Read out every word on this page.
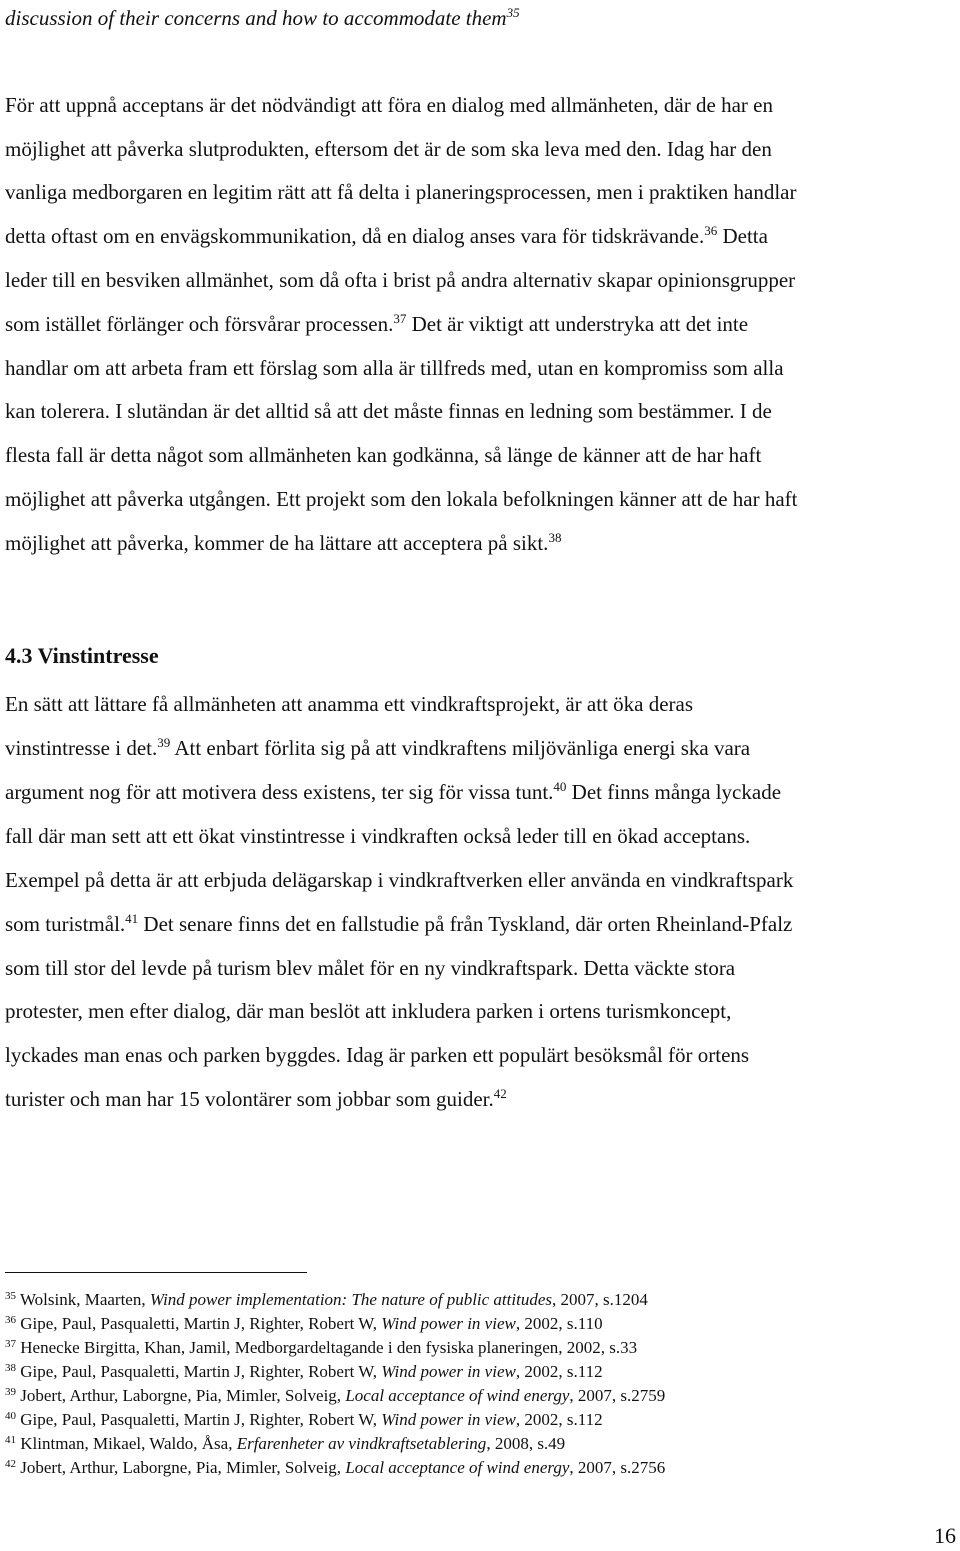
discussion of their concerns and how to accommodate them$^{35}$
För att uppnå acceptans är det nödvändigt att föra en dialog med allmänheten, där de har en
möjlighet att påverka slutprodukten, eftersom det är de som ska leva med den. Idag har den
vanliga medborgaren en legitim rätt att få delta i planeringsprocessen, men i praktiken handlar
detta oftast om en envägskommunikation, då en dialog anses vara för tidskrävande.$^{36}$ Detta
leder till en besviken allmänhet, som då ofta i brist på andra alternativ skapar opinionsgrupper
som istället förlänger och försvårar processen.$^{37}$ Det är viktigt att understryka att det inte
handlar om att arbeta fram ett förslag som alla är tillfreds med, utan en kompromiss som alla
kan tolerera. I slutändan är det alltid så att det måste finnas en ledning som bestämmer. I de
flesta fall är detta något som allmänheten kan godkänna, så länge de känner att de har haft
möjlighet att påverka utgången. Ett projekt som den lokala befolkningen känner att de har haft
möjlighet att påverka, kommer de ha lättare att acceptera på sikt.$^{38}$
4.3 Vinstintresse
En sätt att lättare få allmänheten att anamma ett vindkraftsprojekt, är att öka deras
vinstintresse i det.$^{39}$ Att enbart förlita sig på att vindkraftens miljövänliga energi ska vara
argument nog för att motivera dess existens, ter sig för vissa tunt.$^{40}$ Det finns många lyckade
fall där man sett att ett ökat vinstintresse i vindkraften också leder till en ökad acceptans.
Exempel på detta är att erbjuda delägarskap i vindkraftverken eller använda en vindkraftspark
som turistmål.$^{41}$ Det senare finns det en fallstudie på från Tyskland, där orten Rheinland-Pfalz
som till stor del levde på turism blev målet för en ny vindkraftspark. Detta väckte stora
protester, men efter dialog, där man beslöt att inkludera parken i ortens turismkoncept,
lyckades man enas och parken byggdes. Idag är parken ett populärt besöksmål för ortens
turister och man har 15 volontärer som jobbar som guider.$^{42}$
$^{35}$ Wolsink, Maarten, Wind power implementation: The nature of public attitudes, 2007, s.1204
$^{36}$ Gipe, Paul, Pasqualetti, Martin J, Righter, Robert W, Wind power in view, 2002, s.110
$^{37}$ Henecke Birgitta, Khan, Jamil, Medborgardeltagande i den fysiska planeringen, 2002, s.33
$^{38}$ Gipe, Paul, Pasqualetti, Martin J, Righter, Robert W, Wind power in view, 2002, s.112
$^{39}$ Jobert, Arthur, Laborgne, Pia, Mimler, Solveig, Local acceptance of wind energy, 2007, s.2759
$^{40}$ Gipe, Paul, Pasqualetti, Martin J, Righter, Robert W, Wind power in view, 2002, s.112
$^{41}$ Klintman, Mikael, Waldo, Åsa, Erfarenheter av vindkraftsetablering, 2008, s.49
$^{42}$ Jobert, Arthur, Laborgne, Pia, Mimler, Solveig, Local acceptance of wind energy, 2007, s.2756
16
